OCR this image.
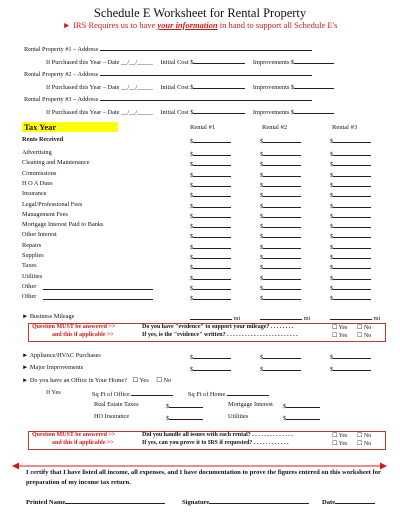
Schedule E Worksheet for Rental Property
► IRS Requires us to have your information in hand to support all Schedule E's
Rental Property #1 – Address
If Purchased this Year – Date __/__/_____ Initial Cost $	Improvements $
Rental Property #2 – Address
If Purchased this Year – Date __/__/_____ Initial Cost $	Improvements $
Rental Property #3 – Address
If Purchased this Year – Date __/__/_____ Initial Cost $	Improvements $
Tax Year	Rental #1	Rental #2	Rental #3
Rents Received	$	$	$
Advertising	$	$	$
Cleaning and Maintenance	$	$	$
Commissions	$	$	$
H O A Dues	$	$	$
Insurance	$	$	$
Legal/Professional Fees	$	$	$
Management Fees	$	$	$
Mortgage Interest Paid to Banks	$	$	$
Other Interest	$	$	$
Repairs	$	$	$
Supplies	$	$	$
Taxes	$	$	$
Utilities	$	$	$
Other	$	$	$
Other	$	$	$
► Business Mileage	mi	mi	mi
Question MUST be answered >>
and this if applicable >>
Do you have "evidence" to support your mileage? . . . . . . . .
If yes, is the "evidence" written? . . . . . . . . . . . . . . . . . . . . . . . .
☐ Yes ☐ No
☐ Yes ☐ No
► Appliance/HVAC Purchases	$	$	$
► Major Improvements	$	$	$
► Do you have an Office in Your Home? ☐ Yes ☐ No
If Yes	Sq Ft of Office	Sq Ft of Home
Real Estate Taxes	$	Mortgage Interest $
HO Insurance	$	Utilities	$
Question MUST be answered >>
and this if applicable >>
Did you handle all issues with each rental? . . . . . . . . . . . . . .
If yes, can you prove it to IRS if requested? . . . . . . . . . . . .
☐ Yes ☐ No
☐ Yes ☐ No
I certify that I have listed all income, all expenses, and I have documentation to prove the figures entered on this worksheet for preparation of my income tax return.
Printed Name	Signature	Date
